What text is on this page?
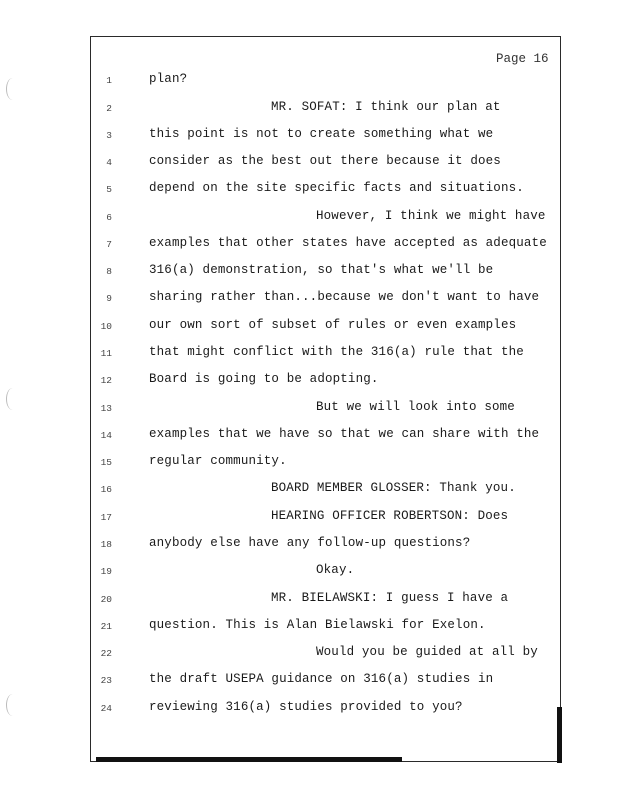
Page 16
1	plan?
2	MR. SOFAT: I think our plan at
3	this point is not to create something what we
4	consider as the best out there because it does
5	depend on the site specific facts and situations.
6	However, I think we might have
7	examples that other states have accepted as adequate
8	316(a) demonstration, so that's what we'll be
9	sharing rather than...because we don't want to have
10	our own sort of subset of rules or even examples
11	that might conflict with the 316(a) rule that the
12	Board is going to be adopting.
13	But we will look into some
14	examples that we have so that we can share with the
15	regular community.
16	BOARD MEMBER GLOSSER: Thank you.
17	HEARING OFFICER ROBERTSON: Does
18	anybody else have any follow-up questions?
19	Okay.
20	MR. BIELAWSKI: I guess I have a
21	question. This is Alan Bielawski for Exelon.
22	Would you be guided at all by
23	the draft USEPA guidance on 316(a) studies in
24	reviewing 316(a) studies provided to you?
